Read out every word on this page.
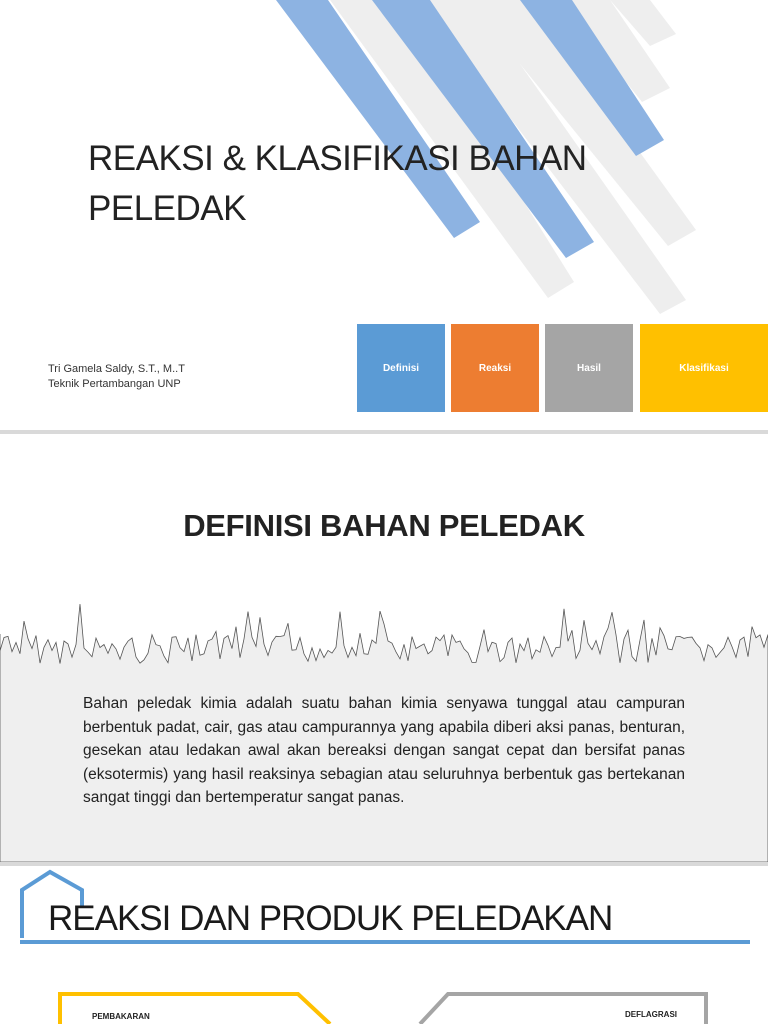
REAKSI & KLASIFIKASI BAHAN
PELEDAK
Tri Gamela Saldy, S.T., M..T
Teknik Pertambangan UNP
Definisi	Reaksi	Hasil	Klasifikasi
DEFINISI BAHAN PELEDAK

Bahan peledak kimia adalah suatu bahan kimia senyawa tunggal atau campuran berbentuk padat, cair, gas atau campurannya yang apabila diberi aksi panas, benturan, gesekan atau ledakan awal akan bereaksi dengan sangat cepat dan bersifat panas (eksotermis) yang hasil reaksinya sebagian atau seluruhnya berbentuk gas bertekanan sangat tinggi dan bertemperatur sangat panas.

REAKSI DAN PRODUK PELEDAKAN
PEMBAKARAN	DEFLAGRASI
